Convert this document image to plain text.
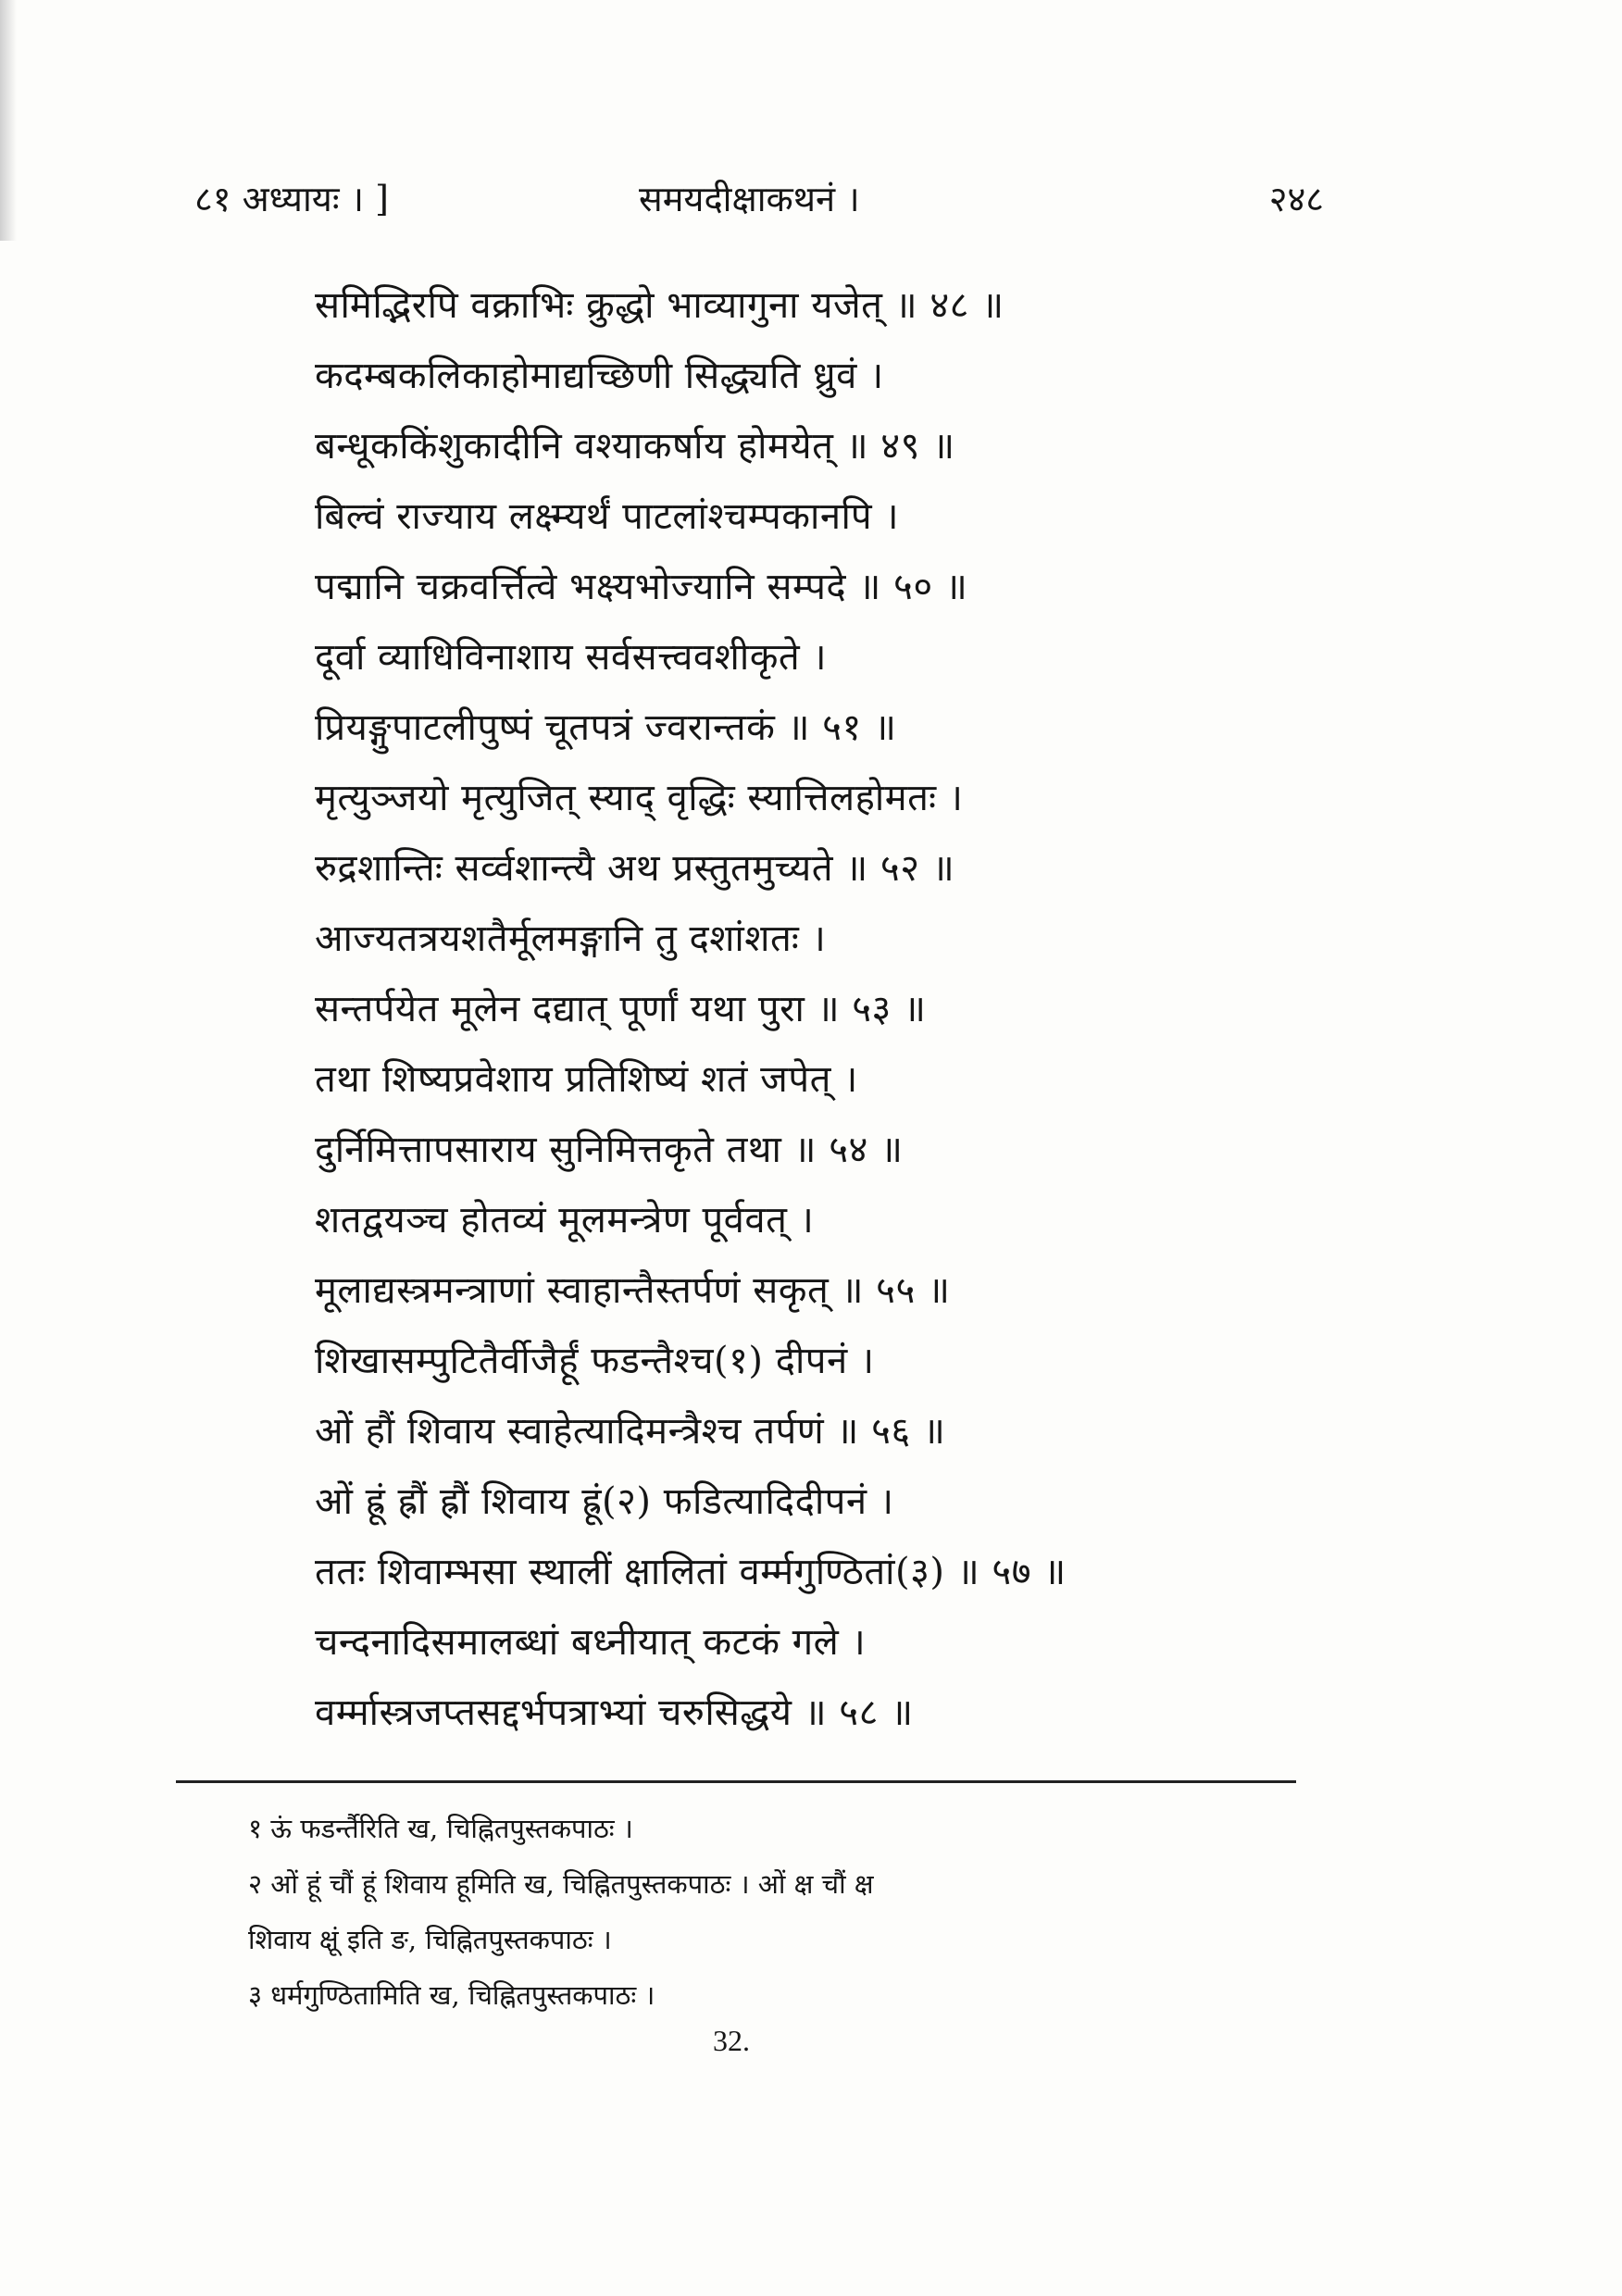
८१ अध्यायः । ]	समयदीक्षाकथनं ।	२४८
समिद्भिरपि वक्राभिः क्रुद्धो भाव्यागुना यजेत् ॥ ४८ ॥
कदम्बकलिकाहोमाद्यच्छिणी सिद्ध्यति ध्रुवं ।
बन्धूककिंशुकादीनि वश्याकर्षाय होमयेत् ॥ ४९ ॥
बिल्वं राज्याय लक्ष्म्यर्थं पाटलांश्चम्पकानपि ।
पद्मानि चक्रवर्त्तित्वे भक्ष्यभोज्यानि सम्पदे ॥ ५० ॥
दूर्वा व्याधिविनाशाय सर्वसत्त्ववशीकृते ।
प्रियङ्गुपाटलीपुष्पं चूतपत्रं ज्वरान्तकं ॥ ५१ ॥
मृत्युञ्जयो मृत्युजित् स्याद् वृद्धिः स्यात्तिलहोमतः ।
रुद्रशान्तिः सर्व्वशान्त्यै अथ प्रस्तुतमुच्यते ॥ ५२ ॥
आज्यतत्रयशतैर्मूलमङ्गानि तु दशांशतः ।
सन्तर्पयेत मूलेन दद्यात् पूर्णां यथा पुरा ॥ ५३ ॥
तथा शिष्यप्रवेशाय प्रतिशिष्यं शतं जपेत् ।
दुर्निमित्तापसाराय सुनिमित्तकृते तथा ॥ ५४ ॥
शतद्वयञ्च होतव्यं मूलमन्त्रेण पूर्ववत् ।
मूलाद्यस्त्रमन्त्राणां स्वाहान्तैस्तर्पणं सकृत् ॥ ५५ ॥
शिखासम्पुटितैर्वीजैर्हूं फडन्तैश्च(१) दीपनं ।
ओं हौं शिवाय स्वाहेत्यादिमन्त्रैश्च तर्पणं ॥ ५६ ॥
ओं ह्रूं ह्रौं ह्रौं शिवाय ह्रूं(२) फडित्यादिदीपनं ।
ततः शिवाम्भसा स्थालीं क्षालितां वर्म्मगुण्ठितां(३) ॥ ५७ ॥
चन्दनादिसमालब्धां बध्नीयात् कटकं गले ।
वर्म्मास्त्रजप्तसद्दर्भपत्राभ्यां चरुसिद्धये ॥ ५८ ॥
१ ऊं फडर्न्तैरिति ख, चिह्नितपुस्तकपाठः ।
२ ओं हूं चौं हूं शिवाय हूमिति ख, चिह्नितपुस्तकपाठः । ओं क्ष चौं क्ष
शिवाय क्षूं इति ङ, चिह्नितपुस्तकपाठः ।
३ धर्मगुण्ठितामिति ख, चिह्नितपुस्तकपाठः ।
32.
